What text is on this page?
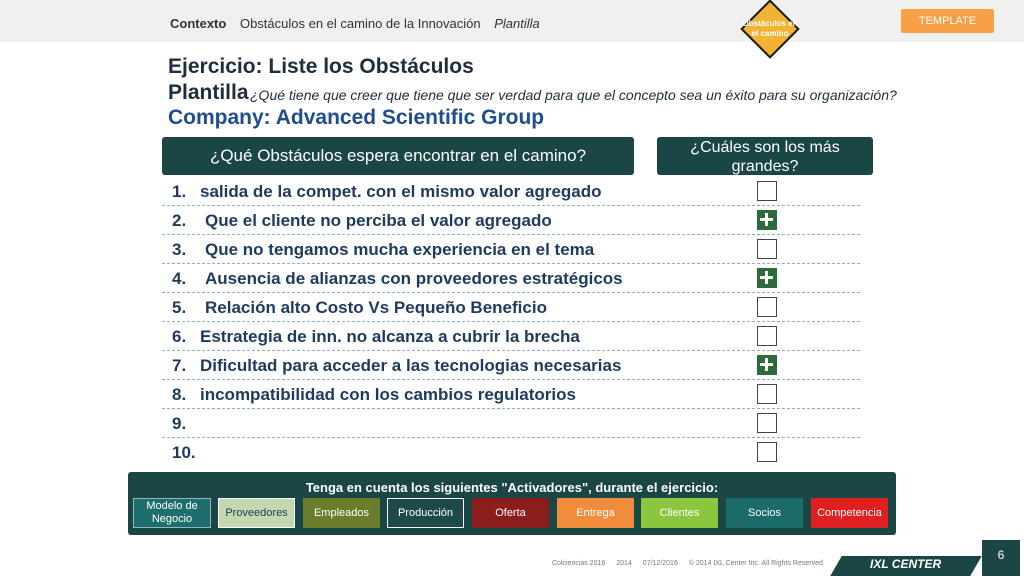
Contexto Obstáculos en el camino de la Innovación Plantilla	Obstáculos en el camino
TEMPLATE
Ejercicio: Liste los Obstáculos
Plantilla ¿Qué tiene que creer que tiene que ser verdad para que el concepto sea un éxito para su organización?
Company: Advanced Scientific Group
¿Qué Obstáculos espera encontrar en el camino?	¿Cuáles son los más grandes?
1. salida de la compet. con el mismo valor agregado
2. Que el cliente no perciba el valor agregado
3. Que no tengamos mucha experiencia en el tema
4. Ausencia de alianzas con proveedores estratégicos
5. Relación alto Costo Vs Pequeño Beneficio
6. Estrategia de inn. no alcanza a cubrir la brecha
7. Dificultad para acceder a las tecnologias necesarias
8. incompatibilidad con los cambios regulatorios
9.
10.
Tenga en cuenta los siguientes "Activadores", durante el ejercicio:
Modelo de Negocio
Proveedores	Empleados	Producción	Oferta	Entrega	Clientes	Socios	Competencia
Colciencias 2016 2014 07/12/2016 © 2014 IXL Center Inc. All Rights Reserved	IXL CENTER
6
